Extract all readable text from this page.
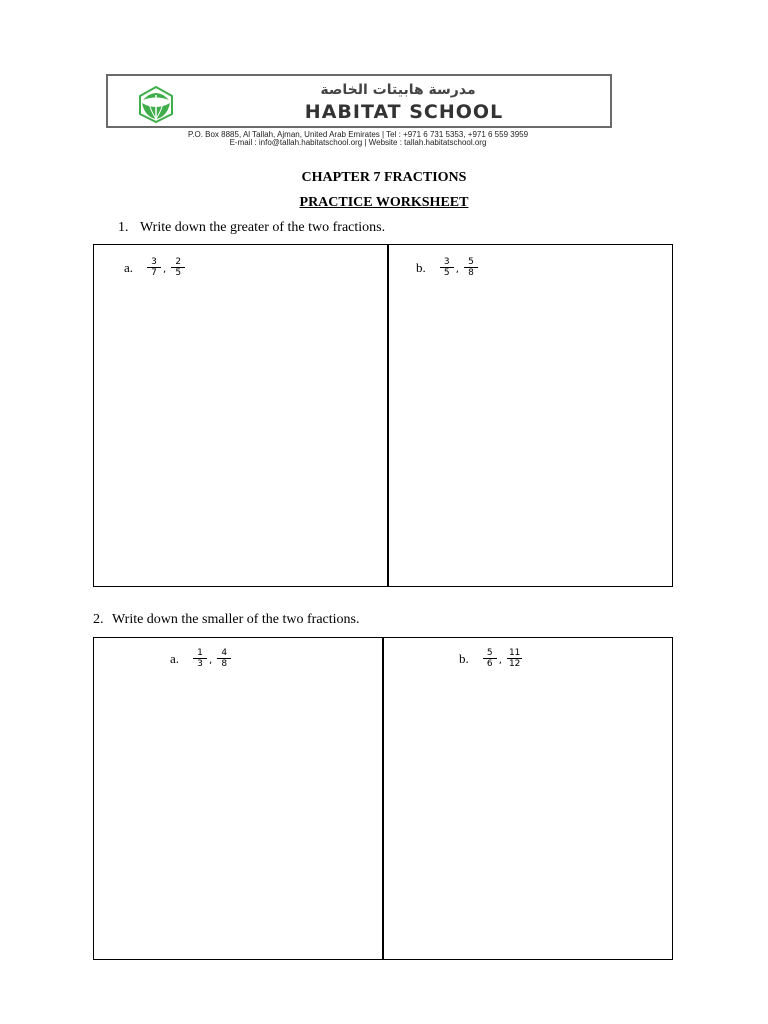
مدرسة هابيتات الخاصة
HABITAT SCHOOL
P.O. Box 8885, Al Tallah, Ajman, United Arab Emirates | Tel : +971 6 731 5353, +971 6 559 3959
E-mail : info@tallah.habitatschool.org | Website : tallah.habitatschool.org
CHAPTER 7 FRACTIONS
PRACTICE WORKSHEET
1. Write down the greater of the two fractions.
a. $\frac{3}{7}$ , $\frac{2}{5}$	b. $\frac{3}{5}$ , $\frac{5}{8}$
2. Write down the smaller of the two fractions.
a. $\frac{1}{3}$ , $\frac{4}{8}$	b. $\frac{5}{6}$ , $\frac{11}{12}$
